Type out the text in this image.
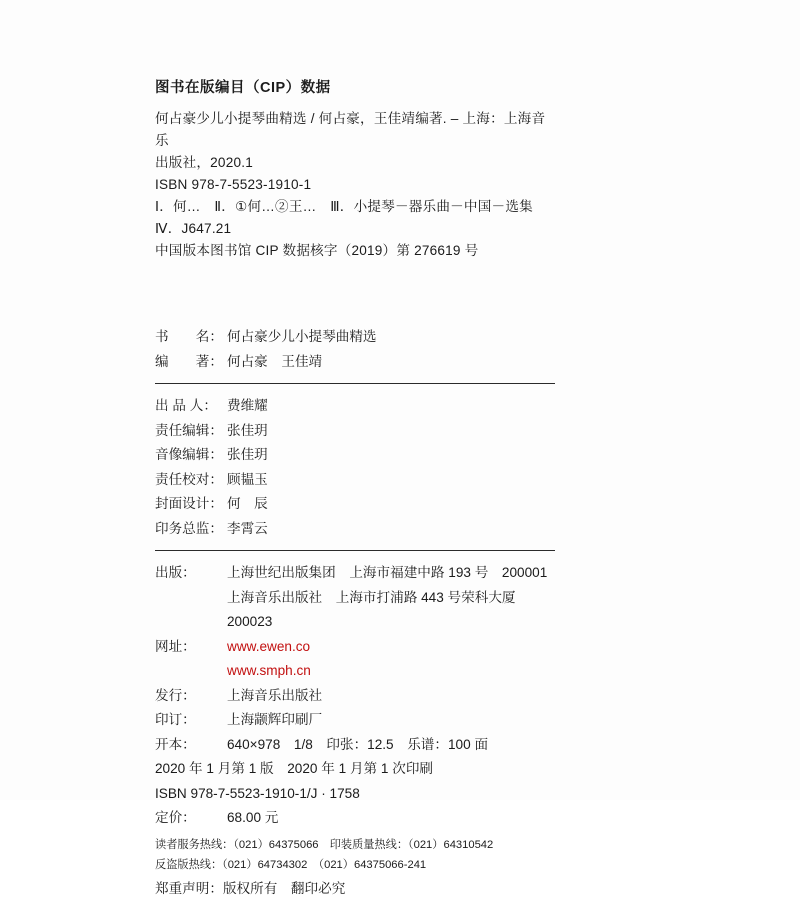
图书在版编目（CIP）数据
何占豪少儿小提琴曲精选 / 何占豪，王佳靖编著. – 上海：上海音乐
出版社，2020.1
ISBN 978-7-5523-1910-1
Ⅰ．何…　Ⅱ．①何…②王…　Ⅲ．小提琴－器乐曲－中国－选集
Ⅳ．J647.21
中国版本图书馆 CIP 数据核字（2019）第 276619 号
书　　名： 何占豪少儿小提琴曲精选
编　　著： 何占豪　王佳靖
出 品 人： 费维耀
责任编辑： 张佳玥
音像编辑： 张佳玥
责任校对： 顾韫玉
封面设计： 何　辰
印务总监： 李霄云
出版：	上海世纪出版集团　上海市福建中路 193 号　200001
上海音乐出版社　上海市打浦路 443 号荣科大厦　200023
网址：	www.ewen.co
www.smph.cn
发行：	上海音乐出版社
印订：	上海颛辉印刷厂
开本：	640×978　1/8　印张：12.5　乐谱：100 面
2020 年 1 月第 1 版　2020 年 1 月第 1 次印刷
ISBN 978-7-5523-1910-1/J · 1758
定价：	68.00 元
读者服务热线：（021）64375066　印装质量热线：（021）64310542
反盗版热线：（021）64734302　（021）64375066-241
郑重声明：版权所有　翻印必究
